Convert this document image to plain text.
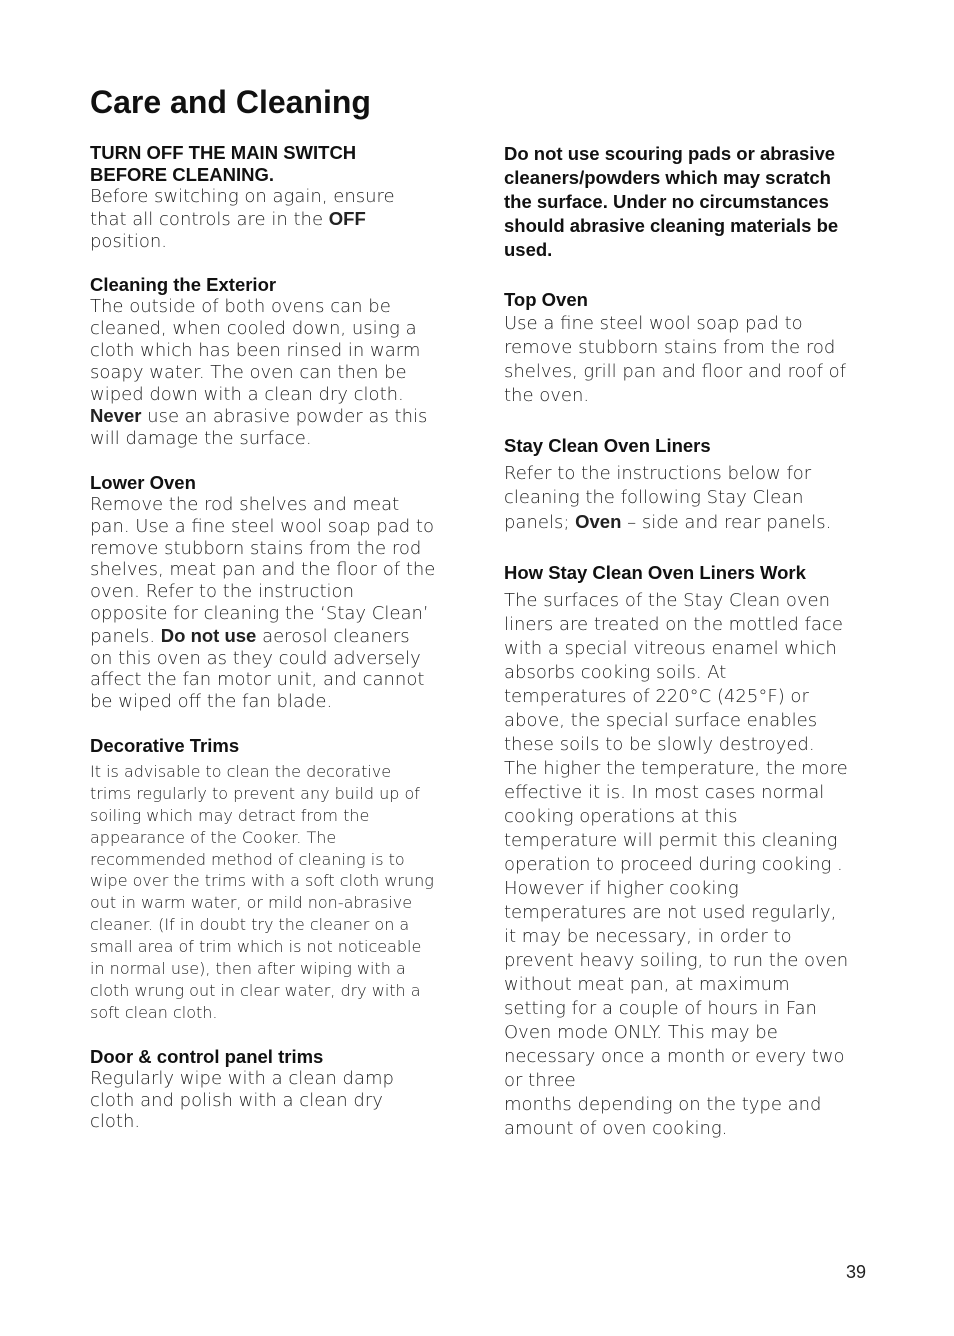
Care and Cleaning
TURN OFF THE MAIN SWITCH BEFORE CLEANING.
Before switching on again, ensure that all controls are in the OFF position.
Cleaning the Exterior
The outside of both ovens can be cleaned, when cooled down, using a cloth which has been rinsed in warm soapy water. The oven can then be wiped down with a clean dry cloth. Never use an abrasive powder as this will damage the surface.
Lower Oven
Remove the rod shelves and meat pan. Use a fine steel wool soap pad to remove stubborn stains from the rod shelves, meat pan and the floor of the oven. Refer to the instruction opposite for cleaning the ‘Stay Clean’ panels. Do not use aerosol cleaners on this oven as they could adversely affect the fan motor unit, and cannot be wiped off the fan blade.
Decorative Trims
It is advisable to clean the decorative trims regularly to prevent any build up of soiling which may detract from the appearance of the Cooker. The recommended method of cleaning is to wipe over the trims with a soft cloth wrung out in warm water, or mild non-abrasive cleaner. (If in doubt try the cleaner on a small area of trim which is not noticeable in normal use), then after wiping with a cloth wrung out in clear water, dry with a soft clean cloth.
Door & control panel trims
Regularly wipe with a clean damp cloth and polish with a clean dry cloth.
Do not use scouring pads or abrasive cleaners/powders which may scratch the surface. Under no circumstances should abrasive cleaning materials be used.
Top Oven
Use a fine steel wool soap pad to remove stubborn stains from the rod shelves, grill pan and floor and roof of the oven.
Stay Clean Oven Liners
Refer to the instructions below for cleaning the following Stay Clean panels; Oven – side and rear panels.
How Stay Clean Oven Liners Work
The surfaces of the Stay Clean oven liners are treated on the mottled face with a special vitreous enamel which absorbs cooking soils. At temperatures of 220°C (425°F) or above, the special surface enables these soils to be slowly destroyed. The higher the temperature, the more effective it is. In most cases normal cooking operations at this temperature will permit this cleaning operation to proceed during cooking .
However if higher cooking temperatures are not used regularly, it may be necessary, in order to prevent heavy soiling, to run the oven without meat pan, at maximum setting for a couple of hours in Fan Oven mode ONLY. This may be necessary once a month or every two or three
months depending on the type and amount of oven cooking.
39
